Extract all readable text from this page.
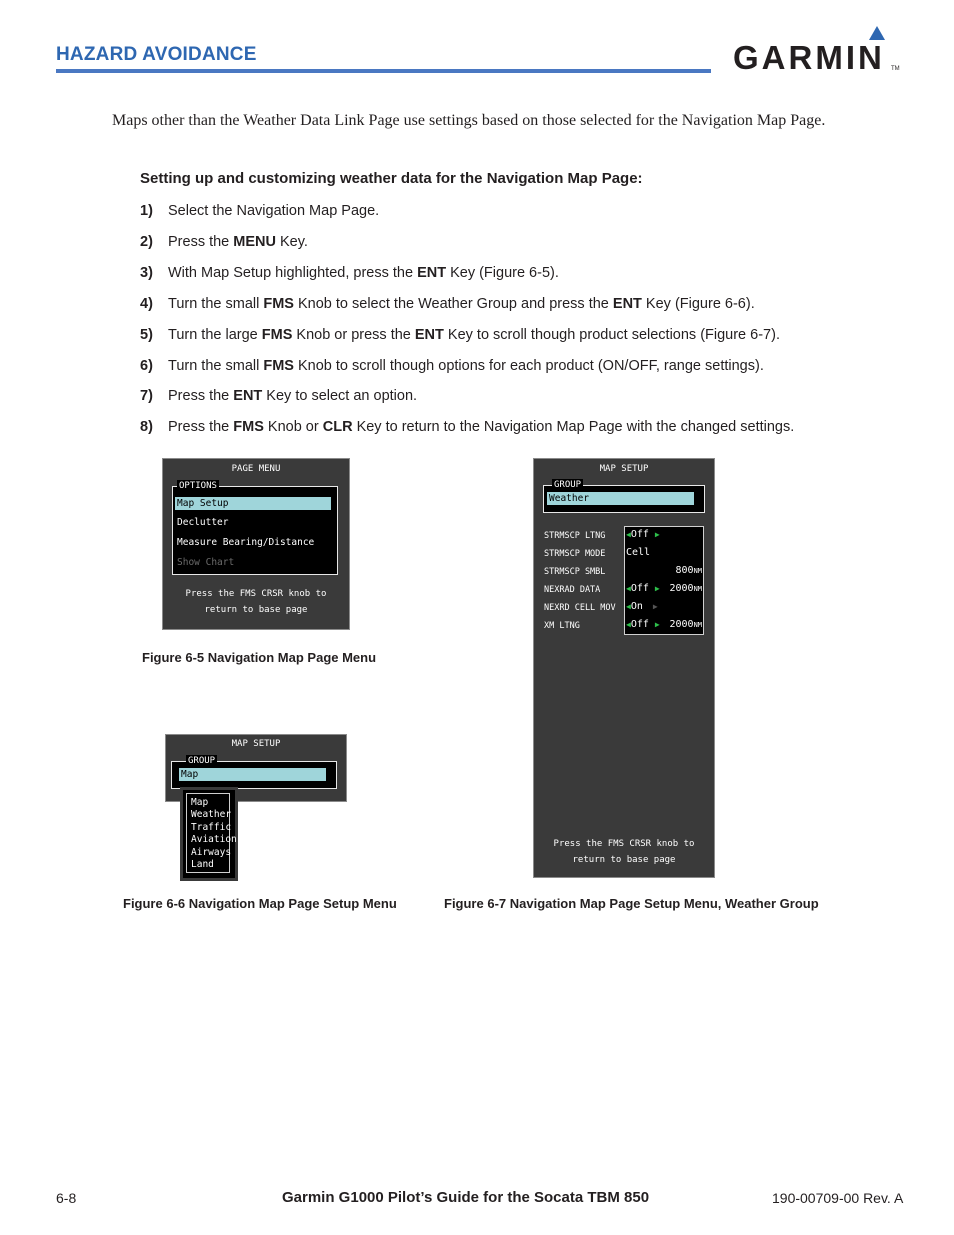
HAZARD AVOIDANCE	GARMIN TM
Maps other than the Weather Data Link Page use settings based on those selected for the Navigation Map Page.
Setting up and customizing weather data for the Navigation Map Page:
1) Select the Navigation Map Page.
2) Press the MENU Key.
3) With Map Setup highlighted, press the ENT Key (Figure 6-5).
4) Turn the small FMS Knob to select the Weather Group and press the ENT Key (Figure 6-6).
5) Turn the large FMS Knob or press the ENT Key to scroll though product selections (Figure 6-7).
6) Turn the small FMS Knob to scroll though options for each product (ON/OFF, range settings).
7) Press the ENT Key to select an option.
8) Press the FMS Knob or CLR Key to return to the Navigation Map Page with the changed settings.
PAGE MENU
OPTIONS
Map Setup
Declutter
Measure Bearing/Distance
Show Chart
Press the FMS CRSR knob to
return to base page
Figure 6-5 Navigation Map Page Menu
MAP SETUP
GROUP
Map
Map
Weather
Traffic
Aviation
Airways
Land
Figure 6-6 Navigation Map Page Setup Menu
MAP SETUP
GROUP
Weather
STRMSCP LTNG	◀Off ▶
STRMSCP MODE Cell
STRMSCP SMBL	800NM
NEXRAD DATA	◀Off ▶ 2000NM
NEXRD CELL MOV ◀On ▶
XM LTNG	◀Off ▶ 2000NM
Press the FMS CRSR knob to
return to base page
Figure 6-7 Navigation Map Page Setup Menu, Weather Group
6-8	Garmin G1000 Pilot’s Guide for the Socata TBM 850	190-00709-00 Rev. A
